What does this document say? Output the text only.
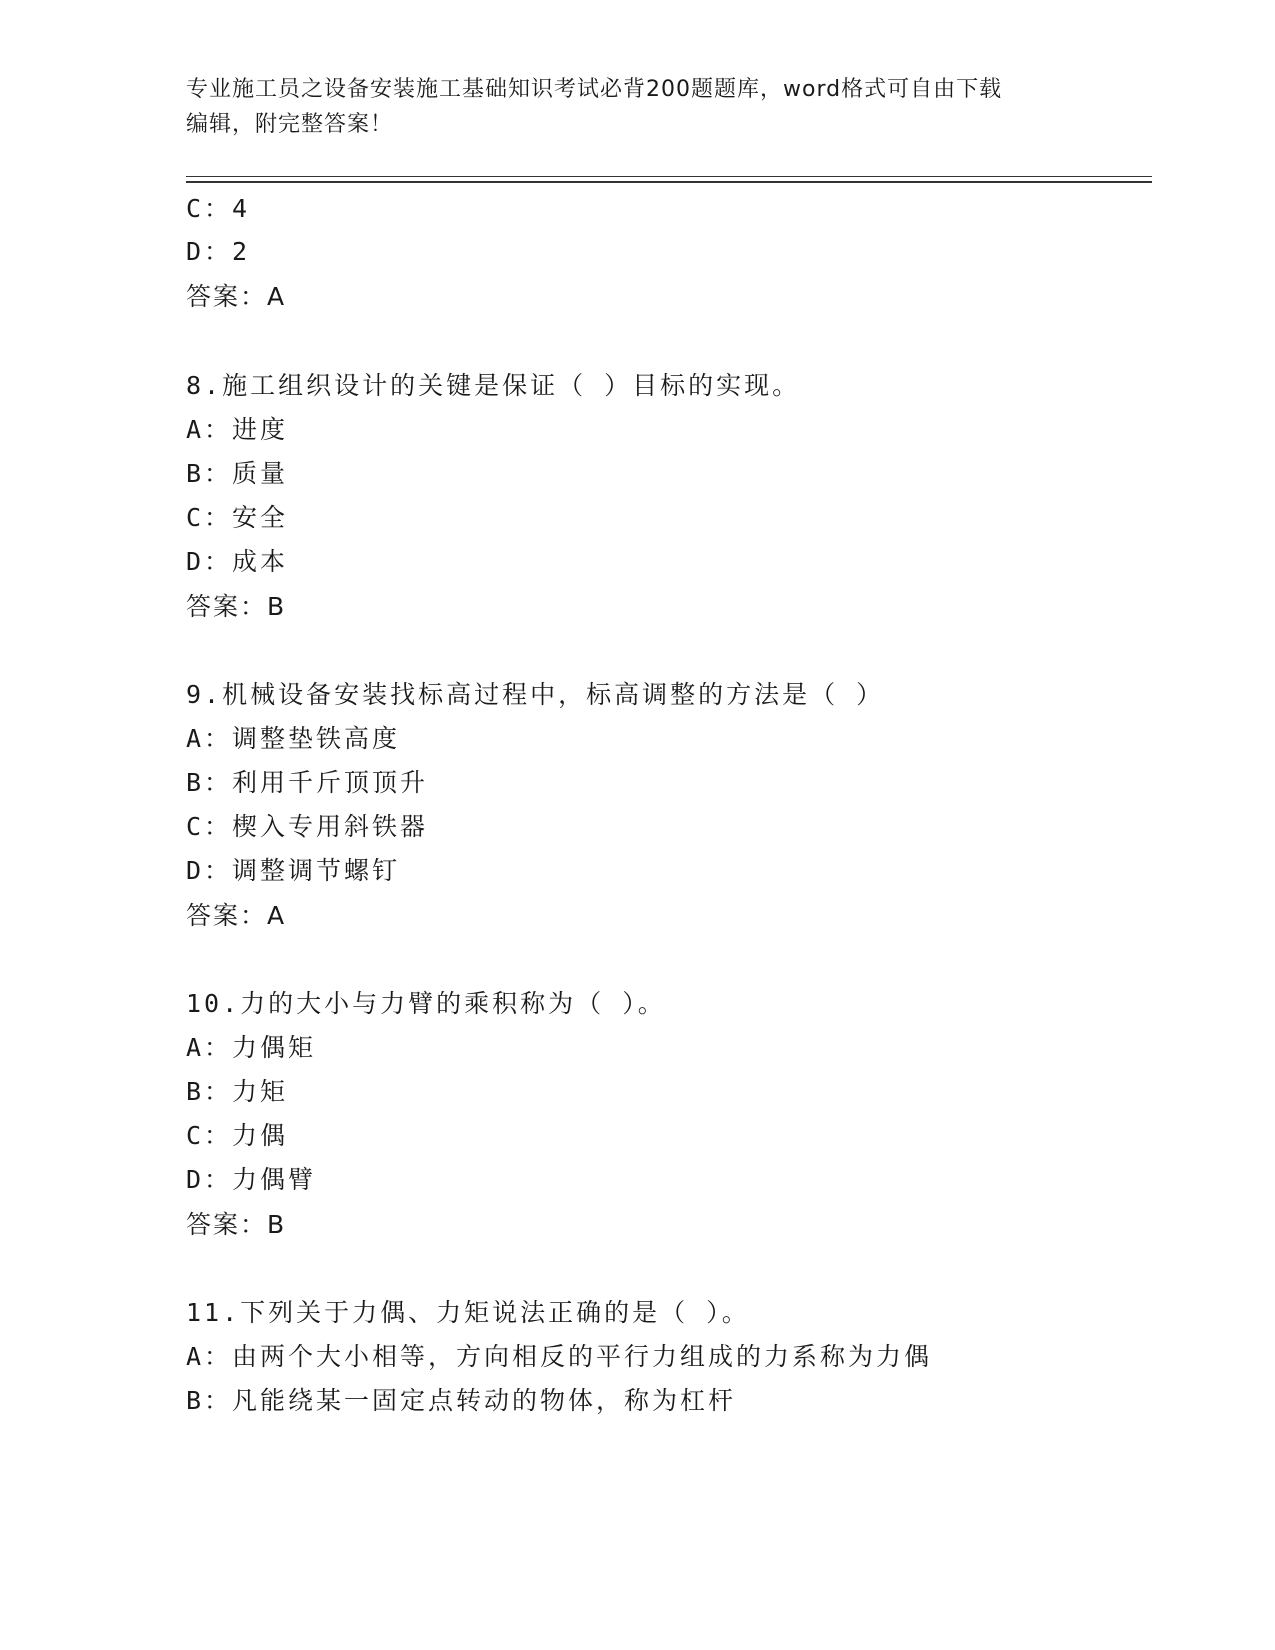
专业施工员之设备安装施工基础知识考试必背200题题库，word格式可自由下载
编辑，附完整答案！
C：4
D：2
答案：A
8.施工组织设计的关键是保证（ ）目标的实现。
A：进度
B：质量
C：安全
D：成本
答案：B
9.机械设备安装找标高过程中，标高调整的方法是（ ）
A：调整垫铁高度
B：利用千斤顶顶升
C：楔入专用斜铁器
D：调整调节螺钉
答案：A
10.力的大小与力臂的乘积称为（ ）。
A：力偶矩
B：力矩
C：力偶
D：力偶臂
答案：B
11.下列关于力偶、力矩说法正确的是（ ）。
A：由两个大小相等，方向相反的平行力组成的力系称为力偶
B：凡能绕某一固定点转动的物体，称为杠杆
